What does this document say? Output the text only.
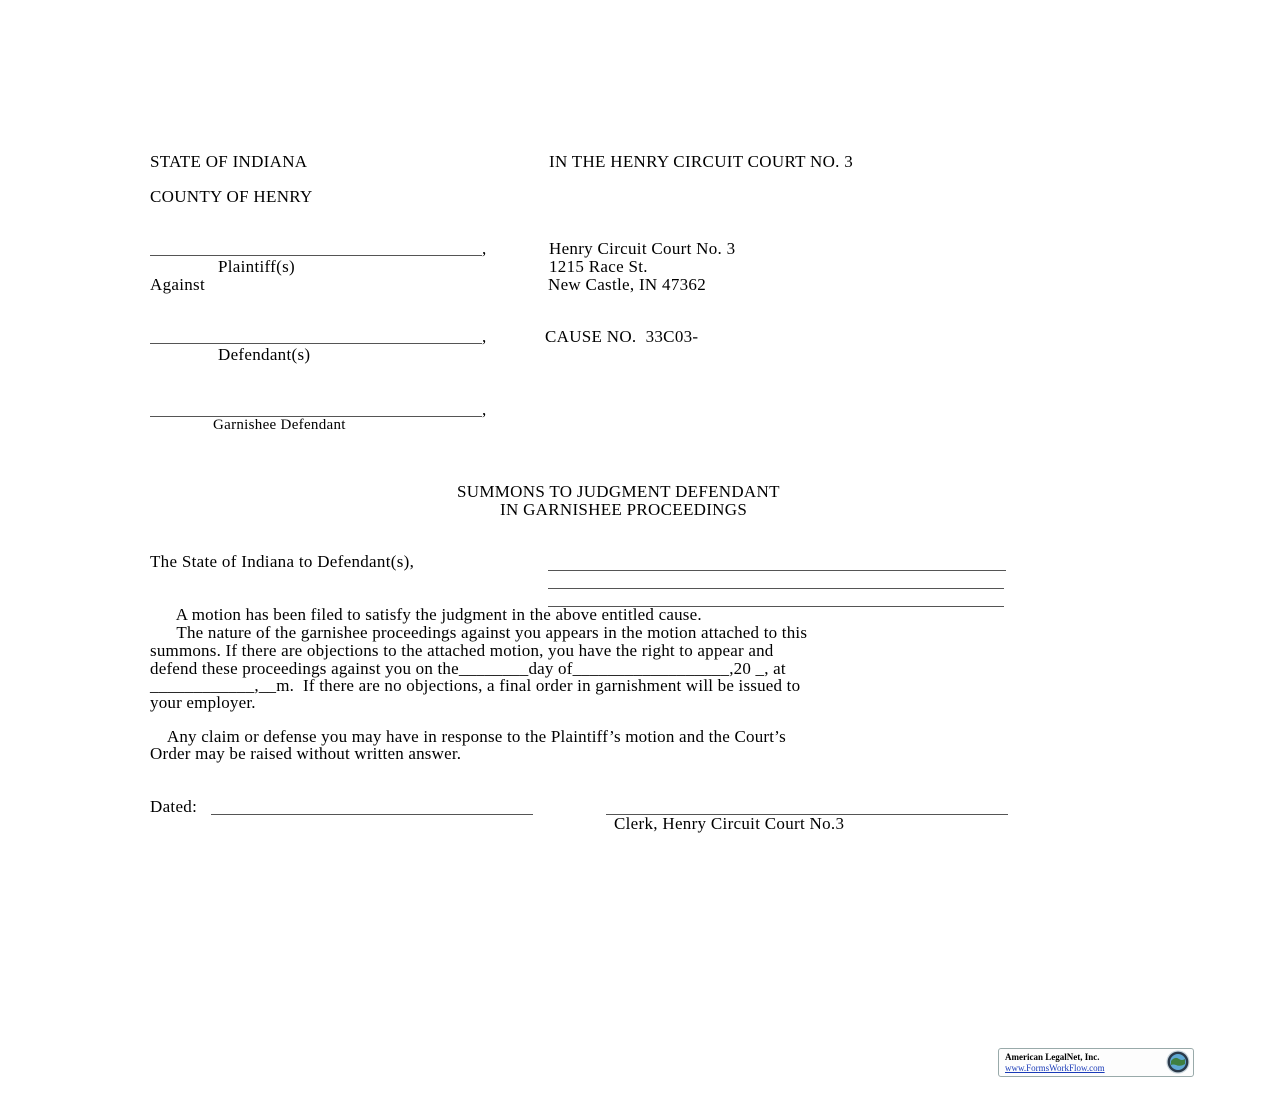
STATE OF INDIANA	IN THE HENRY CIRCUIT COURT NO. 3
COUNTY OF HENRY
,
Plaintiff(s)
Against
Henry Circuit Court No. 3
1215 Race St.
New Castle, IN 47362
,
Defendant(s)
CAUSE NO.  33C03-
,
Garnishee Defendant
SUMMONS TO JUDGMENT DEFENDANT
IN GARNISHEE PROCEEDINGS
The State of Indiana to Defendant(s),
A motion has been filed to satisfy the judgment in the above entitled cause.
The nature of the garnishee proceedings against you appears in the motion attached to this
summons. If there are objections to the attached motion, you have the right to appear and
defend these proceedings against you on the________day of__________________,20 _, at
____________,__m.  If there are no objections, a final order in garnishment will be issued to
your employer.
Any claim or defense you may have in response to the Plaintiff’s motion and the Court’s
Order may be raised without written answer.
Dated:
Clerk, Henry Circuit Court No.3
American LegalNet, Inc.
www.FormsWorkFlow.com
